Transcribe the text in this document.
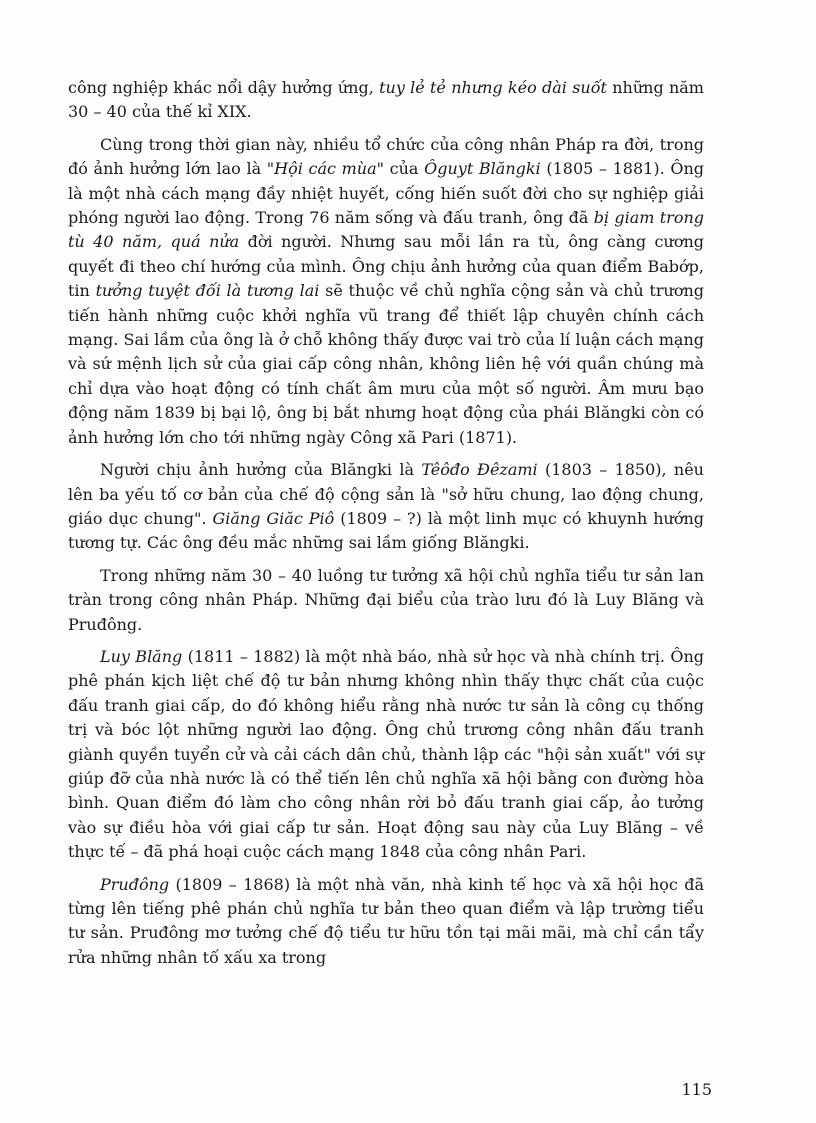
công nghiệp khác nổi dậy hưởng ứng, tuy lẻ tẻ nhưng kéo dài suốt những năm 30 – 40 của thế kỉ XIX.

Cùng trong thời gian này, nhiều tổ chức của công nhân Pháp ra đời, trong đó ảnh hưởng lớn lao là "Hội các mùa" của Ôguyt Blăngki (1805 – 1881). Ông là một nhà cách mạng đầy nhiệt huyết, cống hiến suốt đời cho sự nghiệp giải phóng người lao động. Trong 76 năm sống và đấu tranh, ông đã bị giam trong tù 40 năm, quá nửa đời người. Nhưng sau mỗi lần ra tù, ông càng cương quyết đi theo chí hướng của mình. Ông chịu ảnh hưởng của quan điểm Babớp, tin tưởng tuyệt đối là tương lai sẽ thuộc về chủ nghĩa cộng sản và chủ trương tiến hành những cuộc khởi nghĩa vũ trang để thiết lập chuyên chính cách mạng. Sai lầm của ông là ở chỗ không thấy được vai trò của lí luận cách mạng và sứ mệnh lịch sử của giai cấp công nhân, không liên hệ với quần chúng mà chỉ dựa vào hoạt động có tính chất âm mưu của một số người. Âm mưu bạo động năm 1839 bị bại lộ, ông bị bắt nhưng hoạt động của phái Blăngki còn có ảnh hưởng lớn cho tới những ngày Công xã Pari (1871).

Người chịu ảnh hưởng của Blăngki là Têôđo Đêzami (1803 – 1850), nêu lên ba yếu tố cơ bản của chế độ cộng sản là "sở hữu chung, lao động chung, giáo dục chung". Giăng Giăc Piô (1809 – ?) là một linh mục có khuynh hướng tương tự. Các ông đều mắc những sai lầm giống Blăngki.

Trong những năm 30 – 40 luồng tư tưởng xã hội chủ nghĩa tiểu tư sản lan tràn trong công nhân Pháp. Những đại biểu của trào lưu đó là Luy Blăng và Pruđông.

Luy Blăng (1811 – 1882) là một nhà báo, nhà sử học và nhà chính trị. Ông phê phán kịch liệt chế độ tư bản nhưng không nhìn thấy thực chất của cuộc đấu tranh giai cấp, do đó không hiểu rằng nhà nước tư sản là công cụ thống trị và bóc lột những người lao động. Ông chủ trương công nhân đấu tranh giành quyền tuyển cử và cải cách dân chủ, thành lập các "hội sản xuất" với sự giúp đỡ của nhà nước là có thể tiến lên chủ nghĩa xã hội bằng con đường hòa bình. Quan điểm đó làm cho công nhân rời bỏ đấu tranh giai cấp, ảo tưởng vào sự điều hòa với giai cấp tư sản. Hoạt động sau này của Luy Blăng – về thực tế – đã phá hoại cuộc cách mạng 1848 của công nhân Pari.

Pruđông (1809 – 1868) là một nhà văn, nhà kinh tế học và xã hội học đã từng lên tiếng phê phán chủ nghĩa tư bản theo quan điểm và lập trường tiểu tư sản. Pruđông mơ tưởng chế độ tiểu tư hữu tồn tại mãi mãi, mà chỉ cần tẩy rửa những nhân tố xấu xa trong

115
